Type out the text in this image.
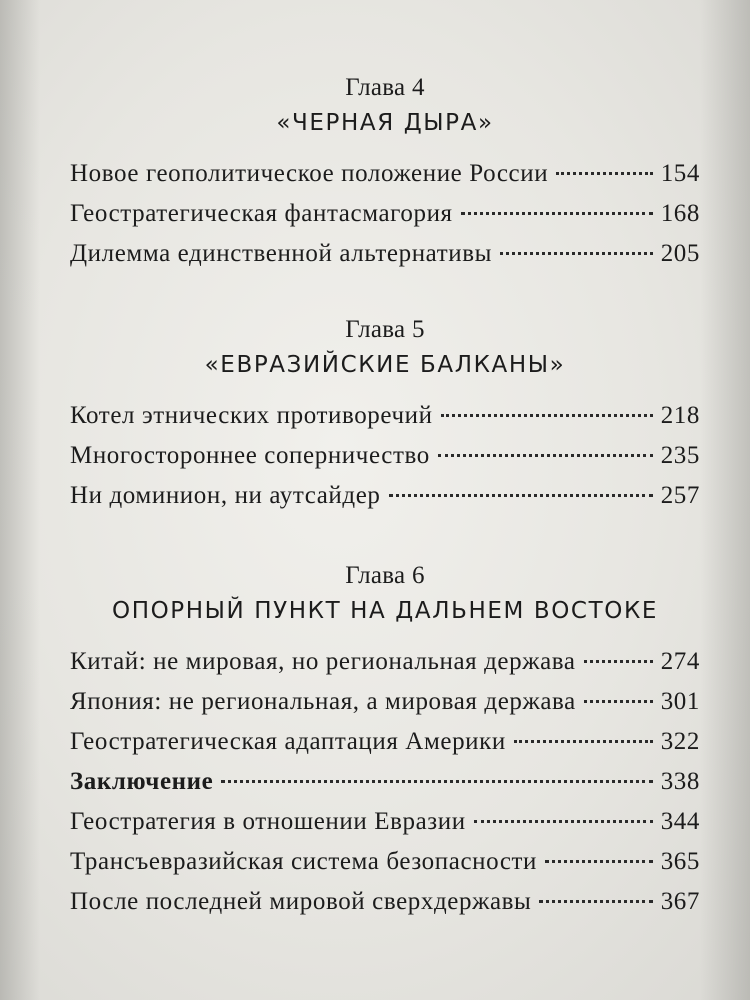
Глава 4
«ЧЕРНАЯ ДЫРА»
Новое геополитическое положение России	154
Геостратегическая фантасмагория	168
Дилемма единственной альтернативы	205
Глава 5
«ЕВРАЗИЙСКИЕ БАЛКАНЫ»
Котел этнических противоречий	218
Многостороннее соперничество	235
Ни доминион, ни аутсайдер	257
Глава 6
ОПОРНЫЙ ПУНКТ НА ДАЛЬНЕМ ВОСТОКЕ
Китай: не мировая, но региональная держава	274
Япония: не региональная, а мировая держава	301
Геостратегическая адаптация Америки	322
Заключение	338
Геостратегия в отношении Евразии	344
Трансъевразийская система безопасности	365
После последней мировой сверхдержавы	367
